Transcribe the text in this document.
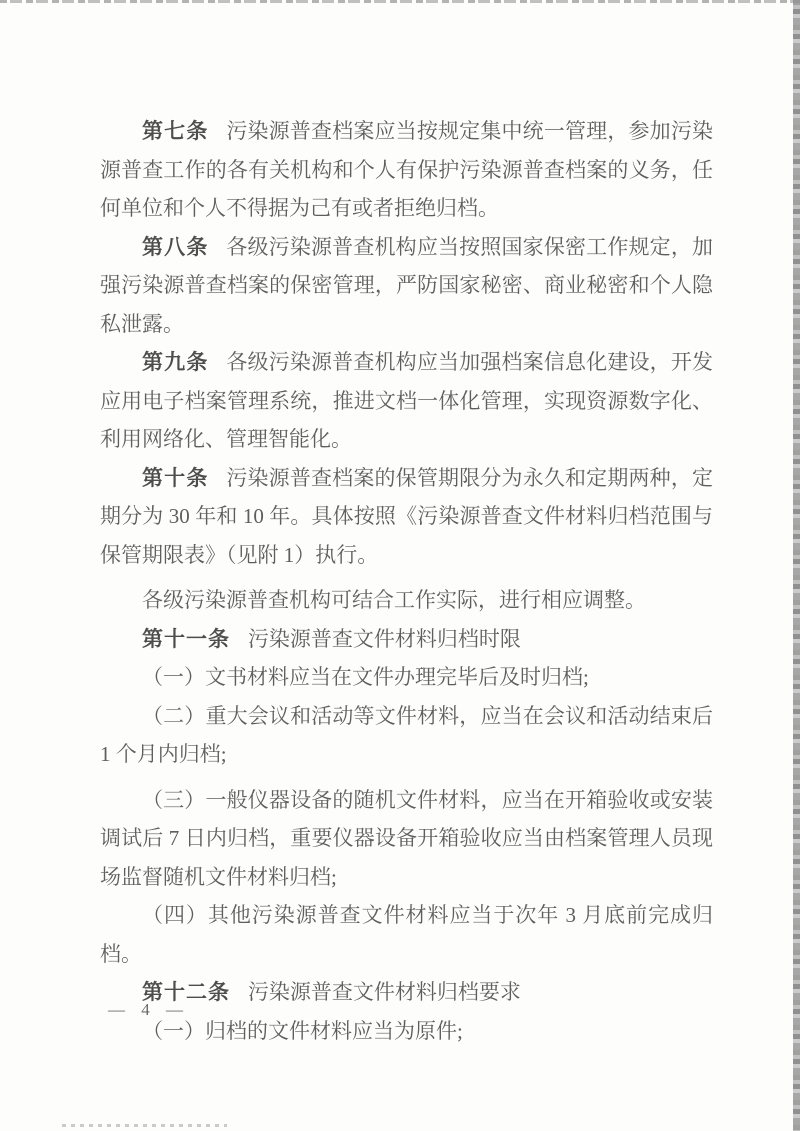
第七条 污染源普查档案应当按规定集中统一管理，参加污染源普查工作的各有关机构和个人有保护污染源普查档案的义务，任何单位和个人不得据为己有或者拒绝归档。

第八条 各级污染源普查机构应当按照国家保密工作规定，加强污染源普查档案的保密管理，严防国家秘密、商业秘密和个人隐私泄露。

第九条 各级污染源普查机构应当加强档案信息化建设，开发应用电子档案管理系统，推进文档一体化管理，实现资源数字化、利用网络化、管理智能化。

第十条 污染源普查档案的保管期限分为永久和定期两种，定期分为 30 年和 10 年。具体按照《污染源普查文件材料归档范围与保管期限表》（见附 1）执行。

各级污染源普查机构可结合工作实际，进行相应调整。

第十一条 污染源普查文件材料归档时限

（一）文书材料应当在文件办理完毕后及时归档;

（二）重大会议和活动等文件材料，应当在会议和活动结束后 1 个月内归档;

（三）一般仪器设备的随机文件材料，应当在开箱验收或安装调试后 7 日内归档，重要仪器设备开箱验收应当由档案管理人员现场监督随机文件材料归档;

（四）其他污染源普查文件材料应当于次年 3 月底前完成归档。

第十二条 污染源普查文件材料归档要求

（一）归档的文件材料应当为原件;

— 4 —
